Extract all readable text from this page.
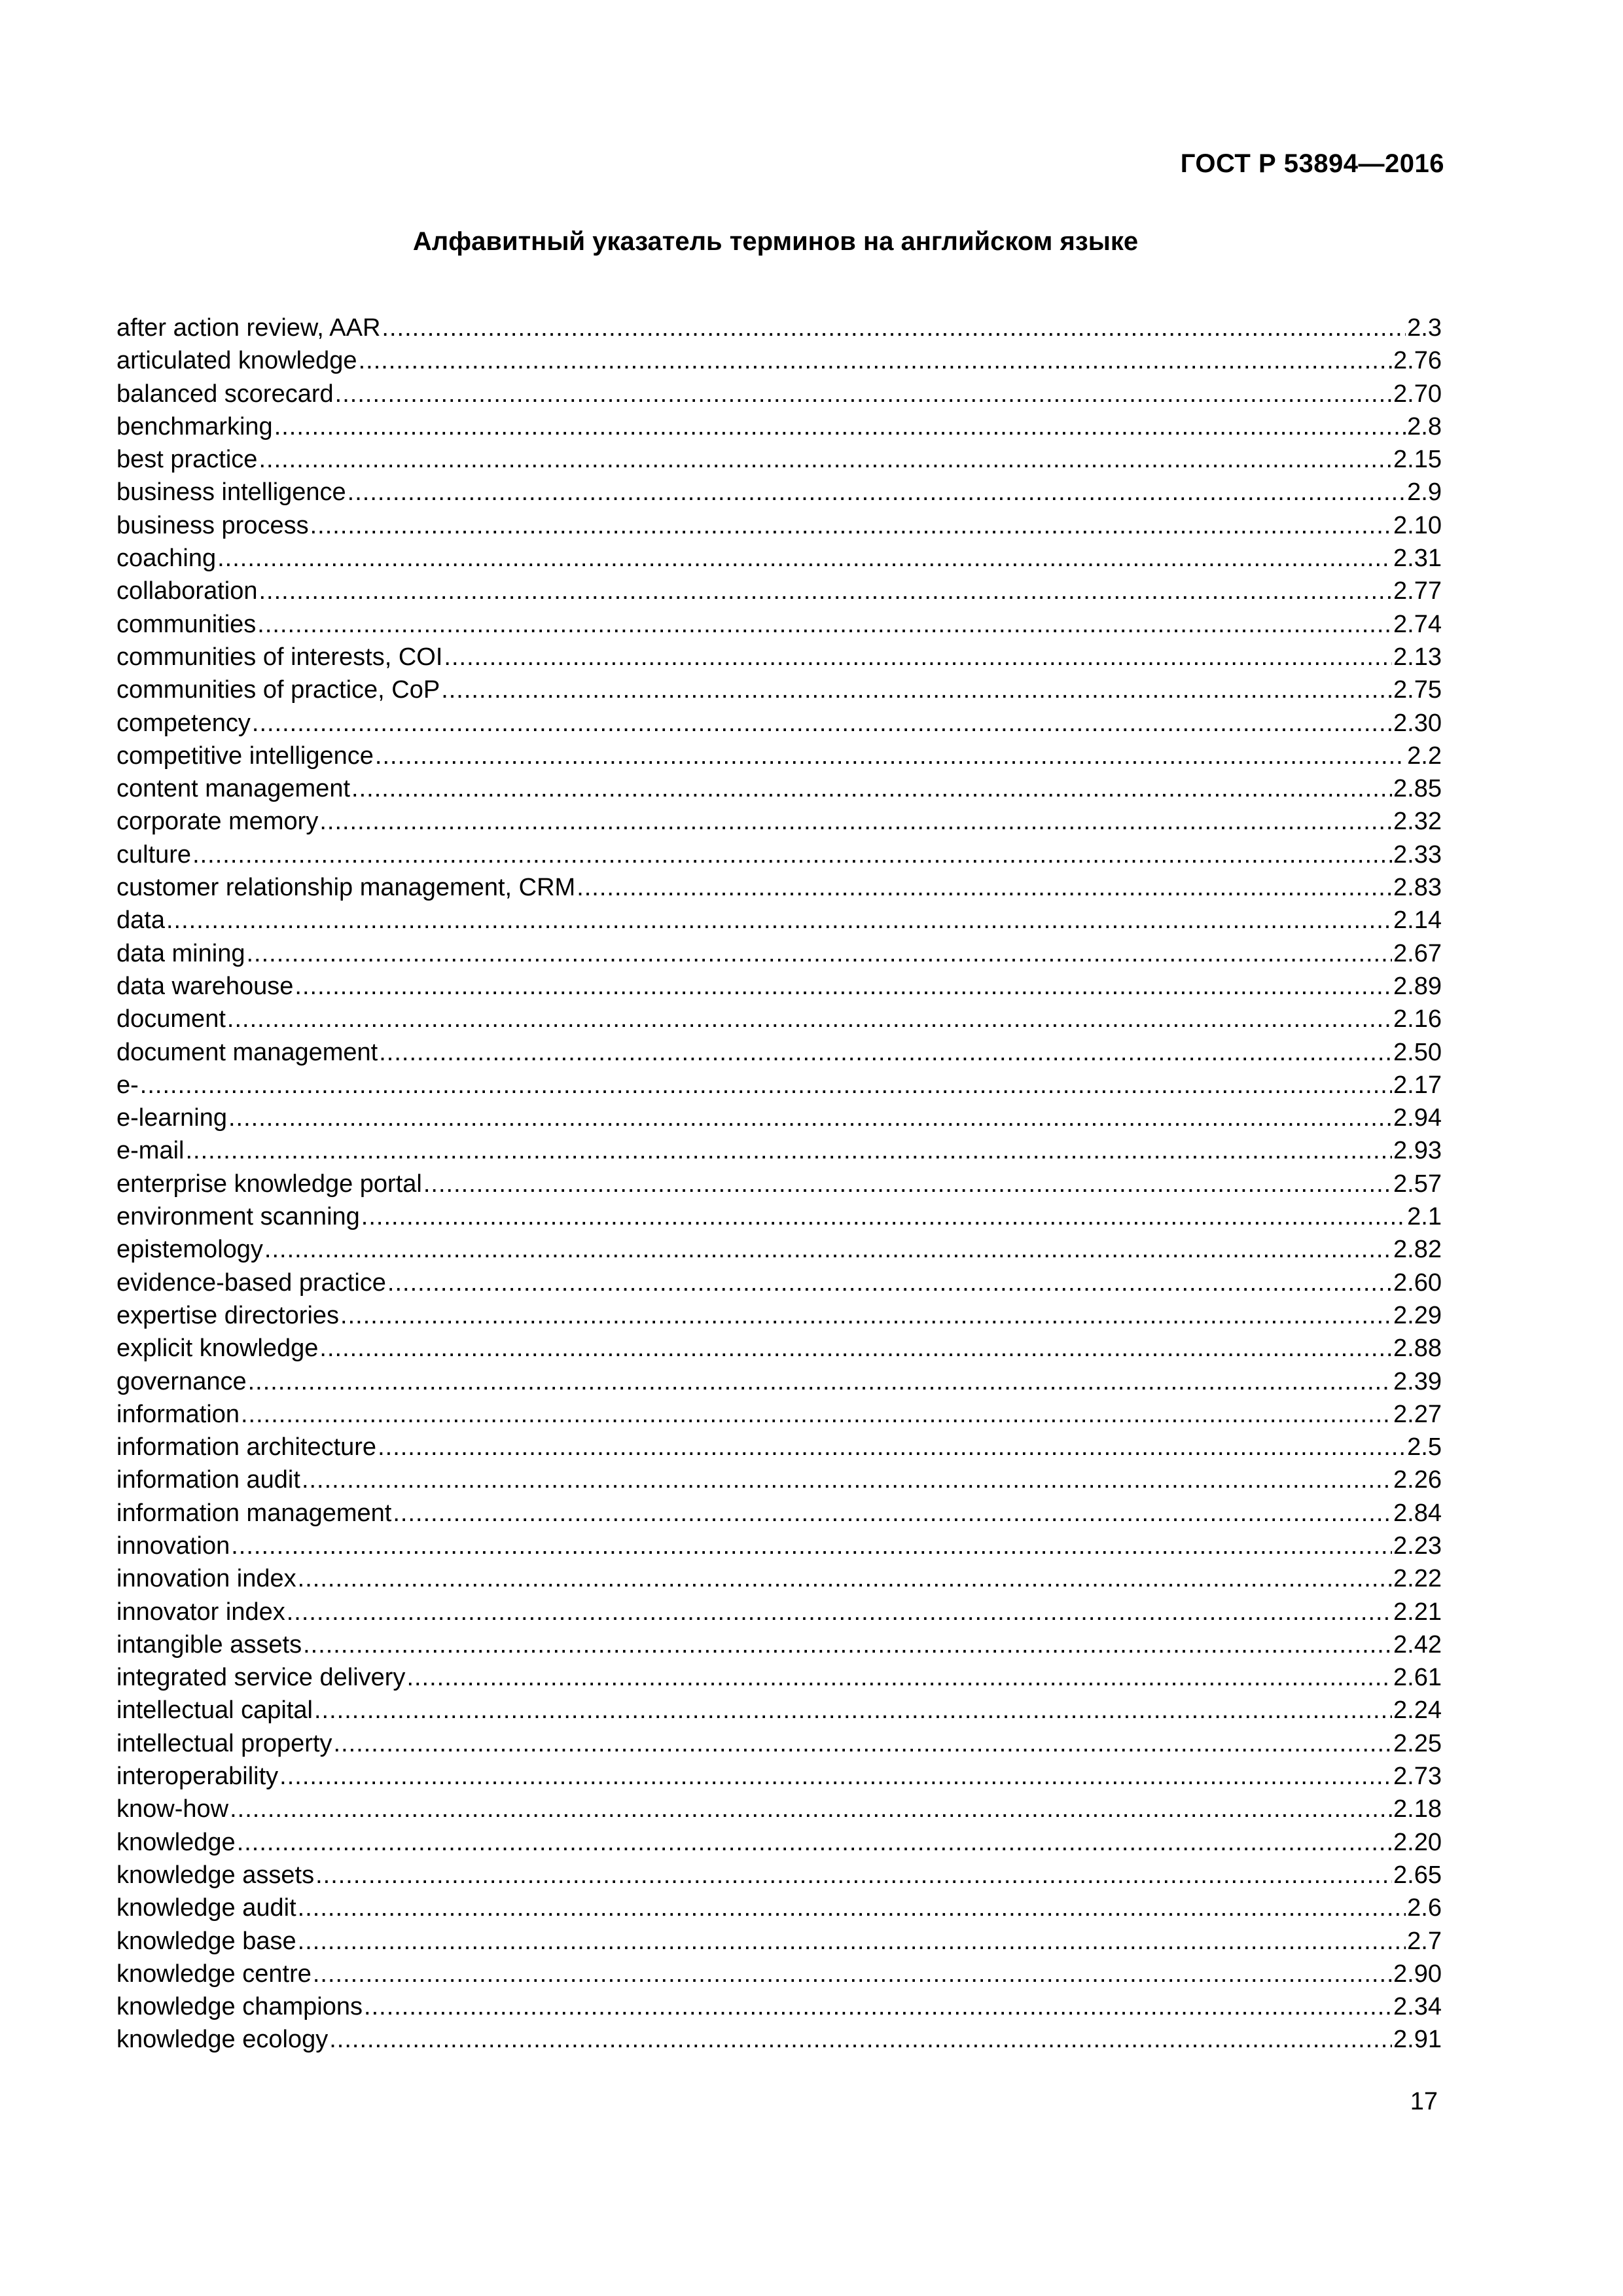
ГОСТ Р 53894—2016
Алфавитный указатель терминов на английском языке
after action review, AAR .....	2.3
articulated knowledge .....	2.76
balanced scorecard .....	2.70
benchmarking .....	2.8
best practice .....	2.15
business intelligence .....	2.9
business process .....	2.10
coaching .....	2.31
collaboration .....	2.77
communities .....	2.74
communities of interests, COI .....	2.13
communities of practice, CoP .....	2.75
competency .....	2.30
competitive intelligence .....	2.2
content management .....	2.85
corporate memory .....	2.32
culture .....	2.33
customer relationship management, CRM .....	2.83
data .....	2.14
data mining .....	2.67
data warehouse .....	2.89
document .....	2.16
document management .....	2.50
e- .....	2.17
e-learning .....	2.94
e-mail .....	2.93
enterprise knowledge portal .....	2.57
environment scanning .....	2.1
epistemology .....	2.82
evidence-based practice .....	2.60
expertise directories .....	2.29
explicit knowledge .....	2.88
governance .....	2.39
information .....	2.27
information architecture .....	2.5
information audit .....	2.26
information management .....	2.84
innovation .....	2.23
innovation index .....	2.22
innovator index .....	2.21
intangible assets .....	2.42
integrated service delivery .....	2.61
intellectual capital .....	2.24
intellectual property .....	2.25
interoperability .....	2.73
know-how .....	2.18
knowledge .....	2.20
knowledge assets .....	2.65
knowledge audit .....	2.6
knowledge base .....	2.7
knowledge centre .....	2.90
knowledge champions .....	2.34
knowledge ecology .....	2.91
17
